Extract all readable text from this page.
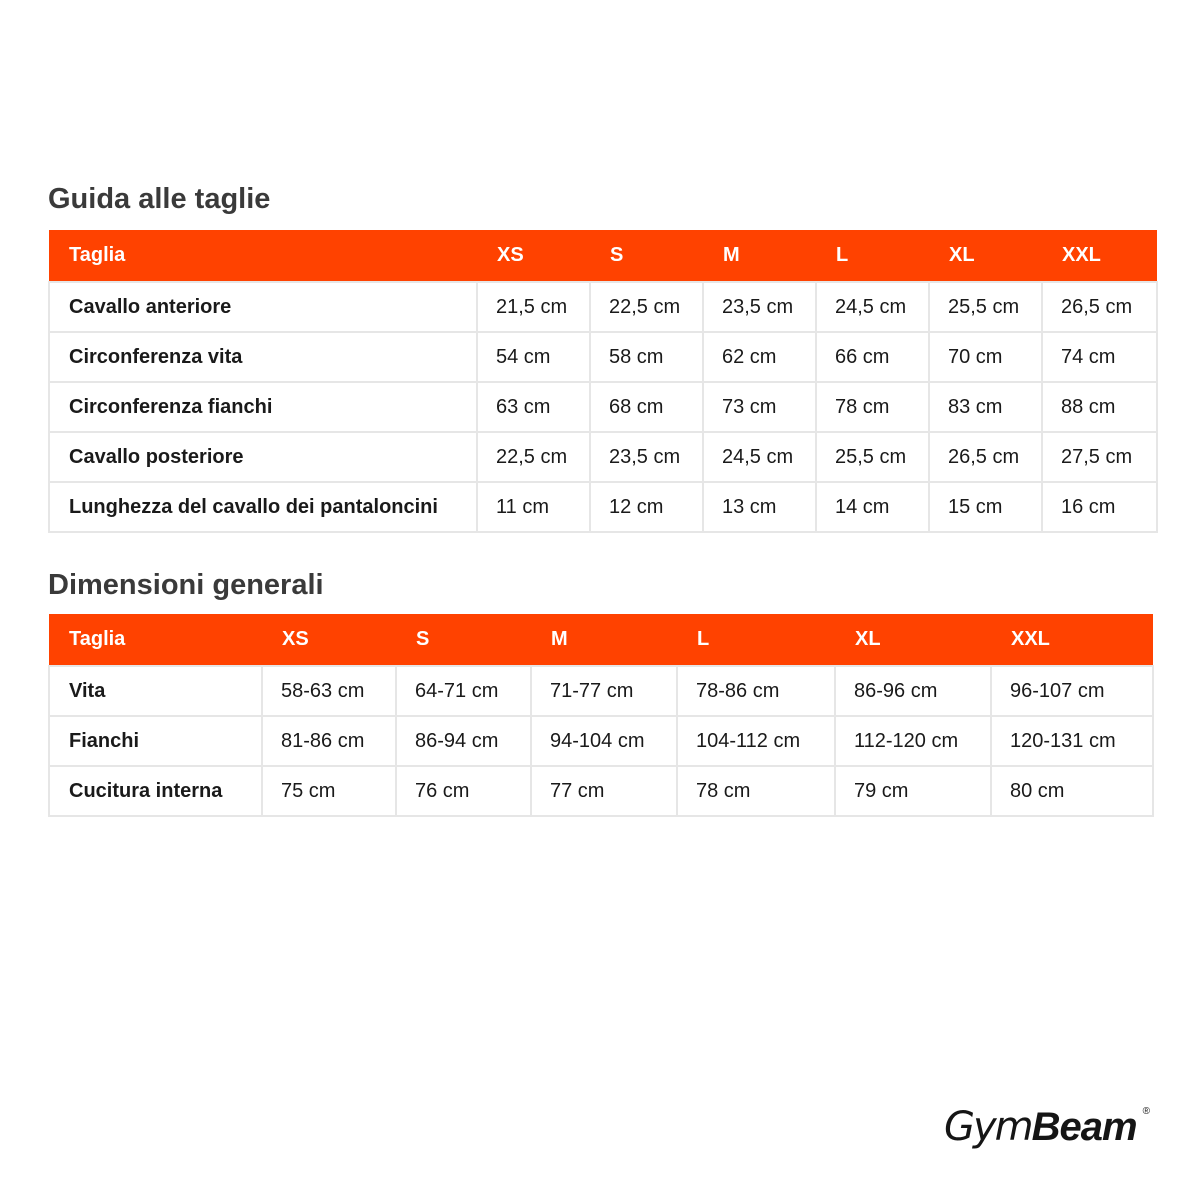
Guida alle taglie
Taglia	XS	S	M	L	XL	XXL
Cavallo anteriore	21,5 cm	22,5 cm	23,5 cm	24,5 cm	25,5 cm	26,5 cm
Circonferenza vita	54 cm	58 cm	62 cm	66 cm	70 cm	74 cm
Circonferenza fianchi	63 cm	68 cm	73 cm	78 cm	83 cm	88 cm
Cavallo posteriore	22,5 cm	23,5 cm	24,5 cm	25,5 cm	26,5 cm	27,5 cm
Lunghezza del cavallo dei pantaloncini	11 cm	12 cm	13 cm	14 cm	15 cm	16 cm
Dimensioni generali
Taglia	XS	S	M	L	XL	XXL
Vita	58-63 cm	64-71 cm	71-77 cm	78-86 cm	86-96 cm	96-107 cm
Fianchi	81-86 cm	86-94 cm	94-104 cm	104-112 cm	112-120 cm	120-131 cm
Cucitura interna	75 cm	76 cm	77 cm	78 cm	79 cm	80 cm
GymBeam ®
